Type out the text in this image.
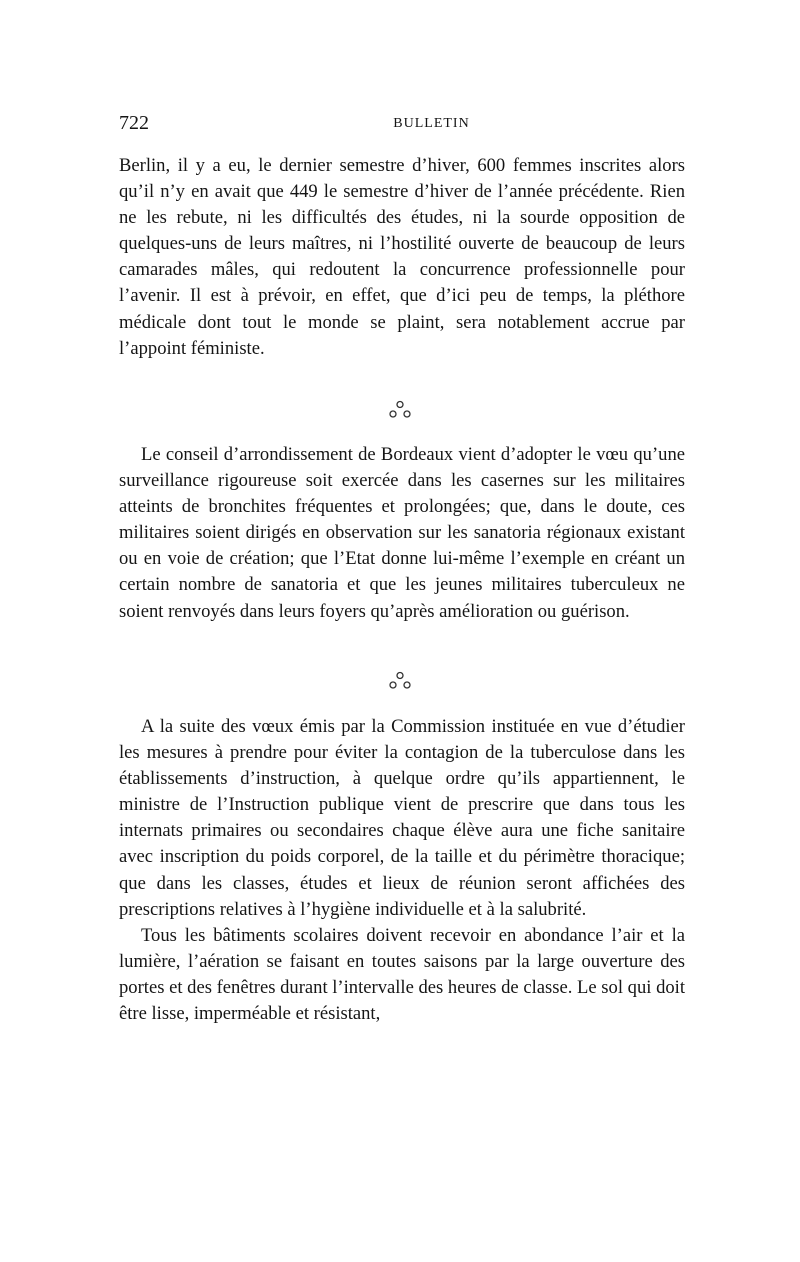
722	BULLETIN

Berlin, il y a eu, le dernier semestre d’hiver, 600 femmes inscrites alors qu’il n’y en avait que 449 le semestre d’hiver de l’année précédente. Rien ne les rebute, ni les difficultés des études, ni la sourde opposition de quelques-uns de leurs maîtres, ni l’hostilité ouverte de beaucoup de leurs camarades mâles, qui redoutent la concurrence professionnelle pour l’avenir. Il est à prévoir, en effet, que d’ici peu de temps, la pléthore médicale dont tout le monde se plaint, sera notablement accrue par l’appoint féministe.

Le conseil d’arrondissement de Bordeaux vient d’adopter le vœu qu’une surveillance rigoureuse soit exercée dans les casernes sur les militaires atteints de bronchites fréquentes et prolongées; que, dans le doute, ces militaires soient dirigés en observation sur les sanatoria régionaux existant ou en voie de création; que l’Etat donne lui-même l’exemple en créant un certain nombre de sanatoria et que les jeunes militaires tuberculeux ne soient renvoyés dans leurs foyers qu’après amélioration ou guérison.

A la suite des vœux émis par la Commission instituée en vue d’étudier les mesures à prendre pour éviter la contagion de la tuberculose dans les établissements d’instruction, à quelque ordre qu’ils appartiennent, le ministre de l’Instruction publique vient de prescrire que dans tous les internats primaires ou secondaires chaque élève aura une fiche sanitaire avec inscription du poids corporel, de la taille et du périmètre thoracique; que dans les classes, études et lieux de réunion seront affichées des prescriptions relatives à l’hygiène individuelle et à la salubrité.

Tous les bâtiments scolaires doivent recevoir en abondance l’air et la lumière, l’aération se faisant en toutes saisons par la large ouverture des portes et des fenêtres durant l’intervalle des heures de classe. Le sol qui doit être lisse, imperméable et résistant,
